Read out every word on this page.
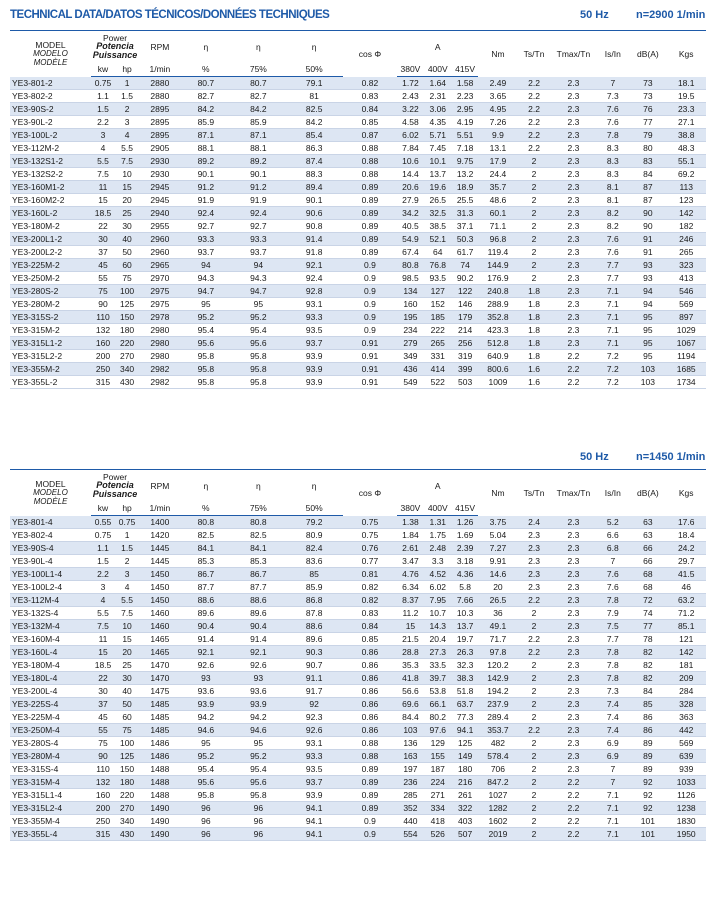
TECHNICAL DATA/DATOS TÉCNICOS/DONNÉES TECHNIQUES	50 Hz n=2900 1/min
MODEL
MODELO
MODÈLE	Power
Potencia
Puissance		RPM	η	η	η	cos Φ	A			Nm	Ts/Tn	Tmax/Tn	Is/In	dB(A)	Kgs
	kw	hp	1/min	%	75%	50%		380V	400V	415V						
YE3-801-2	0.75	1	2880	80.7	80.7	79.1	0.82	1.72	1.64	1.58	2.49	2.2	2.3	7	73	18.1
YE3-802-2	1.1	1.5	2880	82.7	82.7	81	0.83	2.43	2.31	2.23	3.65	2.2	2.3	7.3	73	19.5
YE3-90S-2	1.5	2	2895	84.2	84.2	82.5	0.84	3.22	3.06	2.95	4.95	2.2	2.3	7.6	76	23.3
YE3-90L-2	2.2	3	2895	85.9	85.9	84.2	0.85	4.58	4.35	4.19	7.26	2.2	2.3	7.6	77	27.1
YE3-100L-2	3	4	2895	87.1	87.1	85.4	0.87	6.02	5.71	5.51	9.9	2.2	2.3	7.8	79	38.8
YE3-112M-2	4	5.5	2905	88.1	88.1	86.3	0.88	7.84	7.45	7.18	13.1	2.2	2.3	8.3	80	48.3
YE3-132S1-2	5.5	7.5	2930	89.2	89.2	87.4	0.88	10.6	10.1	9.75	17.9	2	2.3	8.3	83	55.1
YE3-132S2-2	7.5	10	2930	90.1	90.1	88.3	0.88	14.4	13.7	13.2	24.4	2	2.3	8.3	84	69.2
YE3-160M1-2	11	15	2945	91.2	91.2	89.4	0.89	20.6	19.6	18.9	35.7	2	2.3	8.1	87	113
YE3-160M2-2	15	20	2945	91.9	91.9	90.1	0.89	27.9	26.5	25.5	48.6	2	2.3	8.1	87	123
YE3-160L-2	18.5	25	2940	92.4	92.4	90.6	0.89	34.2	32.5	31.3	60.1	2	2.3	8.2	90	142
YE3-180M-2	22	30	2955	92.7	92.7	90.8	0.89	40.5	38.5	37.1	71.1	2	2.3	8.2	90	182
YE3-200L1-2	30	40	2960	93.3	93.3	91.4	0.89	54.9	52.1	50.3	96.8	2	2.3	7.6	91	246
YE3-200L2-2	37	50	2960	93.7	93.7	91.8	0.89	67.4	64	61.7	119.4	2	2.3	7.6	91	265
YE3-225M-2	45	60	2965	94	94	92.1	0.9	80.8	76.8	74	144.9	2	2.3	7.7	93	323
YE3-250M-2	55	75	2970	94.3	94.3	92.4	0.9	98.5	93.5	90.2	176.9	2	2.3	7.7	93	413
YE3-280S-2	75	100	2975	94.7	94.7	92.8	0.9	134	127	122	240.8	1.8	2.3	7.1	94	546
YE3-280M-2	90	125	2975	95	95	93.1	0.9	160	152	146	288.9	1.8	2.3	7.1	94	569
YE3-315S-2	110	150	2978	95.2	95.2	93.3	0.9	195	185	179	352.8	1.8	2.3	7.1	95	897
YE3-315M-2	132	180	2980	95.4	95.4	93.5	0.9	234	222	214	423.3	1.8	2.3	7.1	95	1029
YE3-315L1-2	160	220	2980	95.6	95.6	93.7	0.91	279	265	256	512.8	1.8	2.3	7.1	95	1067
YE3-315L2-2	200	270	2980	95.8	95.8	93.9	0.91	349	331	319	640.9	1.8	2.2	7.2	95	1194
YE3-355M-2	250	340	2982	95.8	95.8	93.9	0.91	436	414	399	800.6	1.6	2.2	7.2	103	1685
YE3-355L-2	315	430	2982	95.8	95.8	93.9	0.91	549	522	503	1009	1.6	2.2	7.2	103	1734
50 Hz n=1450 1/min
MODEL
MODELO
MODÈLE	Power
Potencia
Puissance		RPM	η	η	η	cos Φ	A			Nm	Ts/Tn	Tmax/Tn	Is/In	dB(A)	Kgs
	kw	hp	1/min	%	75%	50%		380V	400V	415V						
YE3-801-4	0.55	0.75	1400	80.8	80.8	79.2	0.75	1.38	1.31	1.26	3.75	2.4	2.3	5.2	63	17.6
YE3-802-4	0.75	1	1420	82.5	82.5	80.9	0.75	1.84	1.75	1.69	5.04	2.3	2.3	6.6	63	18.4
YE3-90S-4	1.1	1.5	1445	84.1	84.1	82.4	0.76	2.61	2.48	2.39	7.27	2.3	2.3	6.8	66	24.2
YE3-90L-4	1.5	2	1445	85.3	85.3	83.6	0.77	3.47	3.3	3.18	9.91	2.3	2.3	7	66	29.7
YE3-100L1-4	2.2	3	1450	86.7	86.7	85	0.81	4.76	4.52	4.36	14.6	2.3	2.3	7.6	68	41.5
YE3-100L2-4	3	4	1450	87.7	87.7	85.9	0.82	6.34	6.02	5.8	20	2.3	2.3	7.6	68	46
YE3-112M-4	4	5.5	1450	88.6	88.6	86.8	0.82	8.37	7.95	7.66	26.5	2.2	2.3	7.8	72	63.2
YE3-132S-4	5.5	7.5	1460	89.6	89.6	87.8	0.83	11.2	10.7	10.3	36	2	2.3	7.9	74	71.2
YE3-132M-4	7.5	10	1460	90.4	90.4	88.6	0.84	15	14.3	13.7	49.1	2	2.3	7.5	77	85.1
YE3-160M-4	11	15	1465	91.4	91.4	89.6	0.85	21.5	20.4	19.7	71.7	2.2	2.3	7.7	78	121
YE3-160L-4	15	20	1465	92.1	92.1	90.3	0.86	28.8	27.3	26.3	97.8	2.2	2.3	7.8	82	142
YE3-180M-4	18.5	25	1470	92.6	92.6	90.7	0.86	35.3	33.5	32.3	120.2	2	2.3	7.8	82	181
YE3-180L-4	22	30	1470	93	93	91.1	0.86	41.8	39.7	38.3	142.9	2	2.3	7.8	82	209
YE3-200L-4	30	40	1475	93.6	93.6	91.7	0.86	56.6	53.8	51.8	194.2	2	2.3	7.3	84	284
YE3-225S-4	37	50	1485	93.9	93.9	92	0.86	69.6	66.1	63.7	237.9	2	2.3	7.4	85	328
YE3-225M-4	45	60	1485	94.2	94.2	92.3	0.86	84.4	80.2	77.3	289.4	2	2.3	7.4	86	363
YE3-250M-4	55	75	1485	94.6	94.6	92.6	0.86	103	97.6	94.1	353.7	2.2	2.3	7.4	86	442
YE3-280S-4	75	100	1486	95	95	93.1	0.88	136	129	125	482	2	2.3	6.9	89	569
YE3-280M-4	90	125	1486	95.2	95.2	93.3	0.88	163	155	149	578.4	2	2.3	6.9	89	639
YE3-315S-4	110	150	1488	95.4	95.4	93.5	0.89	197	187	180	706	2	2.3	7	89	939
YE3-315M-4	132	180	1488	95.6	95.6	93.7	0.89	236	224	216	847.2	2	2.2	7	92	1033
YE3-315L1-4	160	220	1488	95.8	95.8	93.9	0.89	285	271	261	1027	2	2.2	7.1	92	1126
YE3-315L2-4	200	270	1490	96	96	94.1	0.89	352	334	322	1282	2	2.2	7.1	92	1238
YE3-355M-4	250	340	1490	96	96	94.1	0.9	440	418	403	1602	2	2.2	7.1	101	1830
YE3-355L-4	315	430	1490	96	96	94.1	0.9	554	526	507	2019	2	2.2	7.1	101	1950
